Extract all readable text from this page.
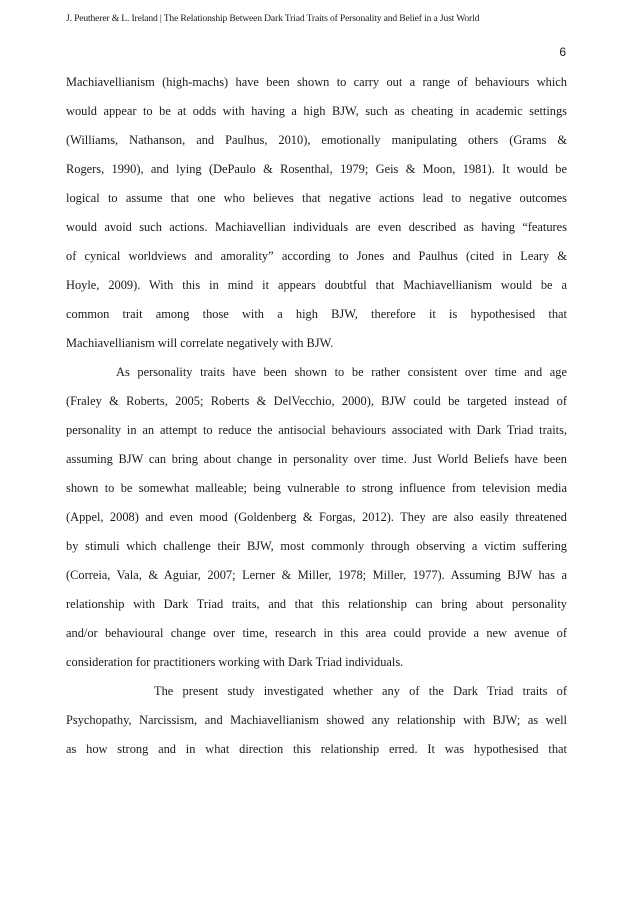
J. Peutherer & L. Ireland | The Relationship Between Dark Triad Traits of Personality and Belief in a Just World
6
Machiavellianism (high-machs) have been shown to carry out a range of behaviours which
would appear to be at odds with having a high BJW, such as cheating in academic settings
(Williams, Nathanson, and Paulhus, 2010), emotionally manipulating others (Grams &
Rogers, 1990), and lying (DePaulo & Rosenthal, 1979; Geis & Moon, 1981). It would be
logical to assume that one who believes that negative actions lead to negative outcomes
would avoid such actions. Machiavellian individuals are even described as having “features
of cynical worldviews and amorality” according to Jones and Paulhus (cited in Leary &
Hoyle, 2009). With this in mind it appears doubtful that Machiavellianism would be a
common trait among those with a high BJW, therefore it is hypothesised that
Machiavellianism will correlate negatively with BJW.
As personality traits have been shown to be rather consistent over time and age
(Fraley & Roberts, 2005; Roberts & DelVecchio, 2000), BJW could be targeted instead of
personality in an attempt to reduce the antisocial behaviours associated with Dark Triad traits,
assuming BJW can bring about change in personality over time. Just World Beliefs have been
shown to be somewhat malleable; being vulnerable to strong influence from television media
(Appel, 2008) and even mood (Goldenberg & Forgas, 2012). They are also easily threatened
by stimuli which challenge their BJW, most commonly through observing a victim suffering
(Correia, Vala, & Aguiar, 2007; Lerner & Miller, 1978; Miller, 1977). Assuming BJW has a
relationship with Dark Triad traits, and that this relationship can bring about personality
and/or behavioural change over time, research in this area could provide a new avenue of
consideration for practitioners working with Dark Triad individuals.
The present study investigated whether any of the Dark Triad traits of
Psychopathy, Narcissism, and Machiavellianism showed any relationship with BJW; as well
as how strong and in what direction this relationship erred. It was hypothesised that
